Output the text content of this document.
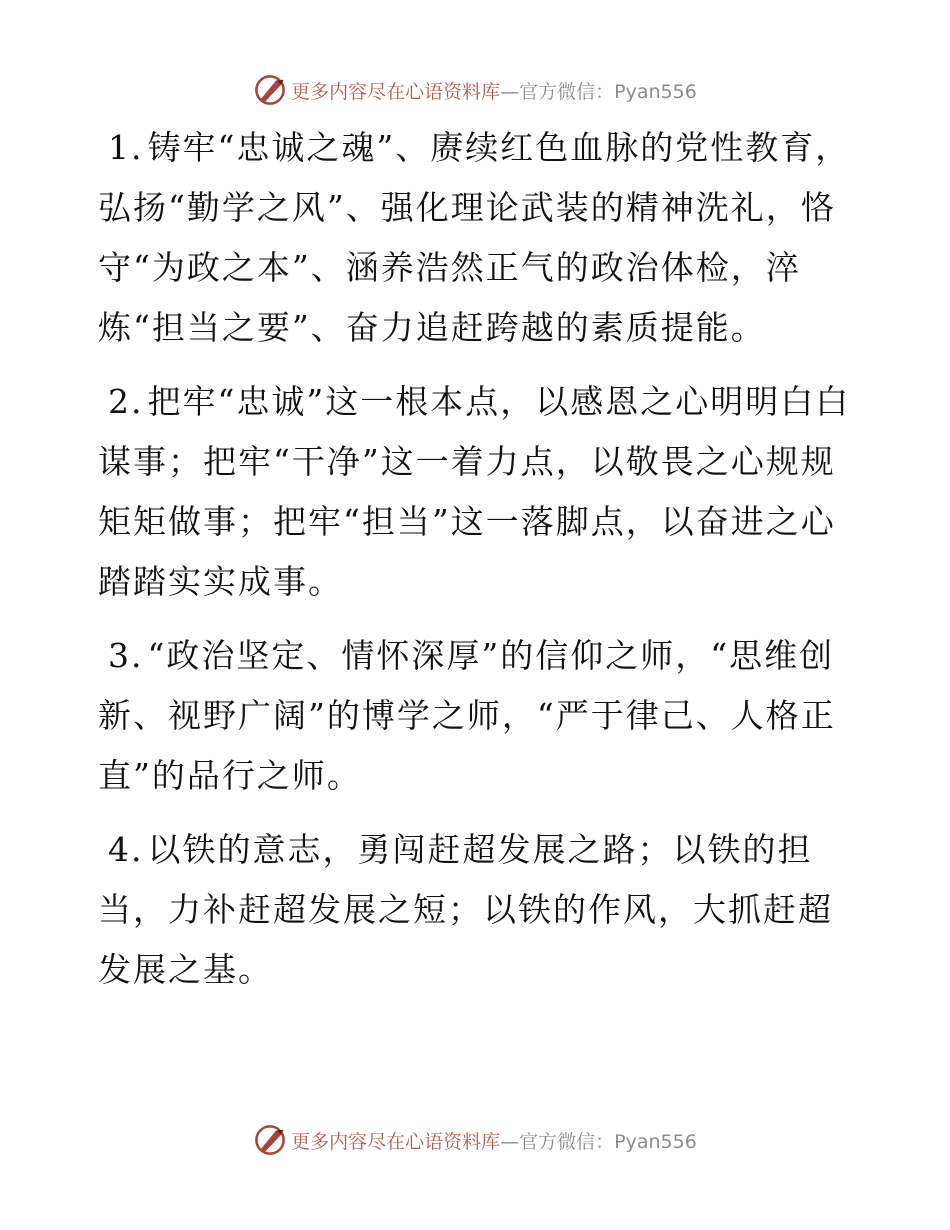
更多内容尽在心语资料库—官方微信：Pyan556

1. 铸牢“忠诚之魂”、赓续红色血脉的党性教育，弘扬“勤学之风”、强化理论武装的精神洗礼，恪守“为政之本”、涵养浩然正气的政治体检，淬炼“担当之要”、奋力追赶跨越的素质提能。

2. 把牢“忠诚”这一根本点，以感恩之心明明白白谋事；把牢“干净”这一着力点，以敬畏之心规规矩矩做事；把牢“担当”这一落脚点，以奋进之心踏踏实实成事。

3. “政治坚定、情怀深厚”的信仰之师，“思维创新、视野广阔”的博学之师，“严于律己、人格正直”的品行之师。

4. 以铁的意志，勇闯赶超发展之路；以铁的担当，力补赶超发展之短；以铁的作风，大抓赶超发展之基。

更多内容尽在心语资料库—官方微信：Pyan556
